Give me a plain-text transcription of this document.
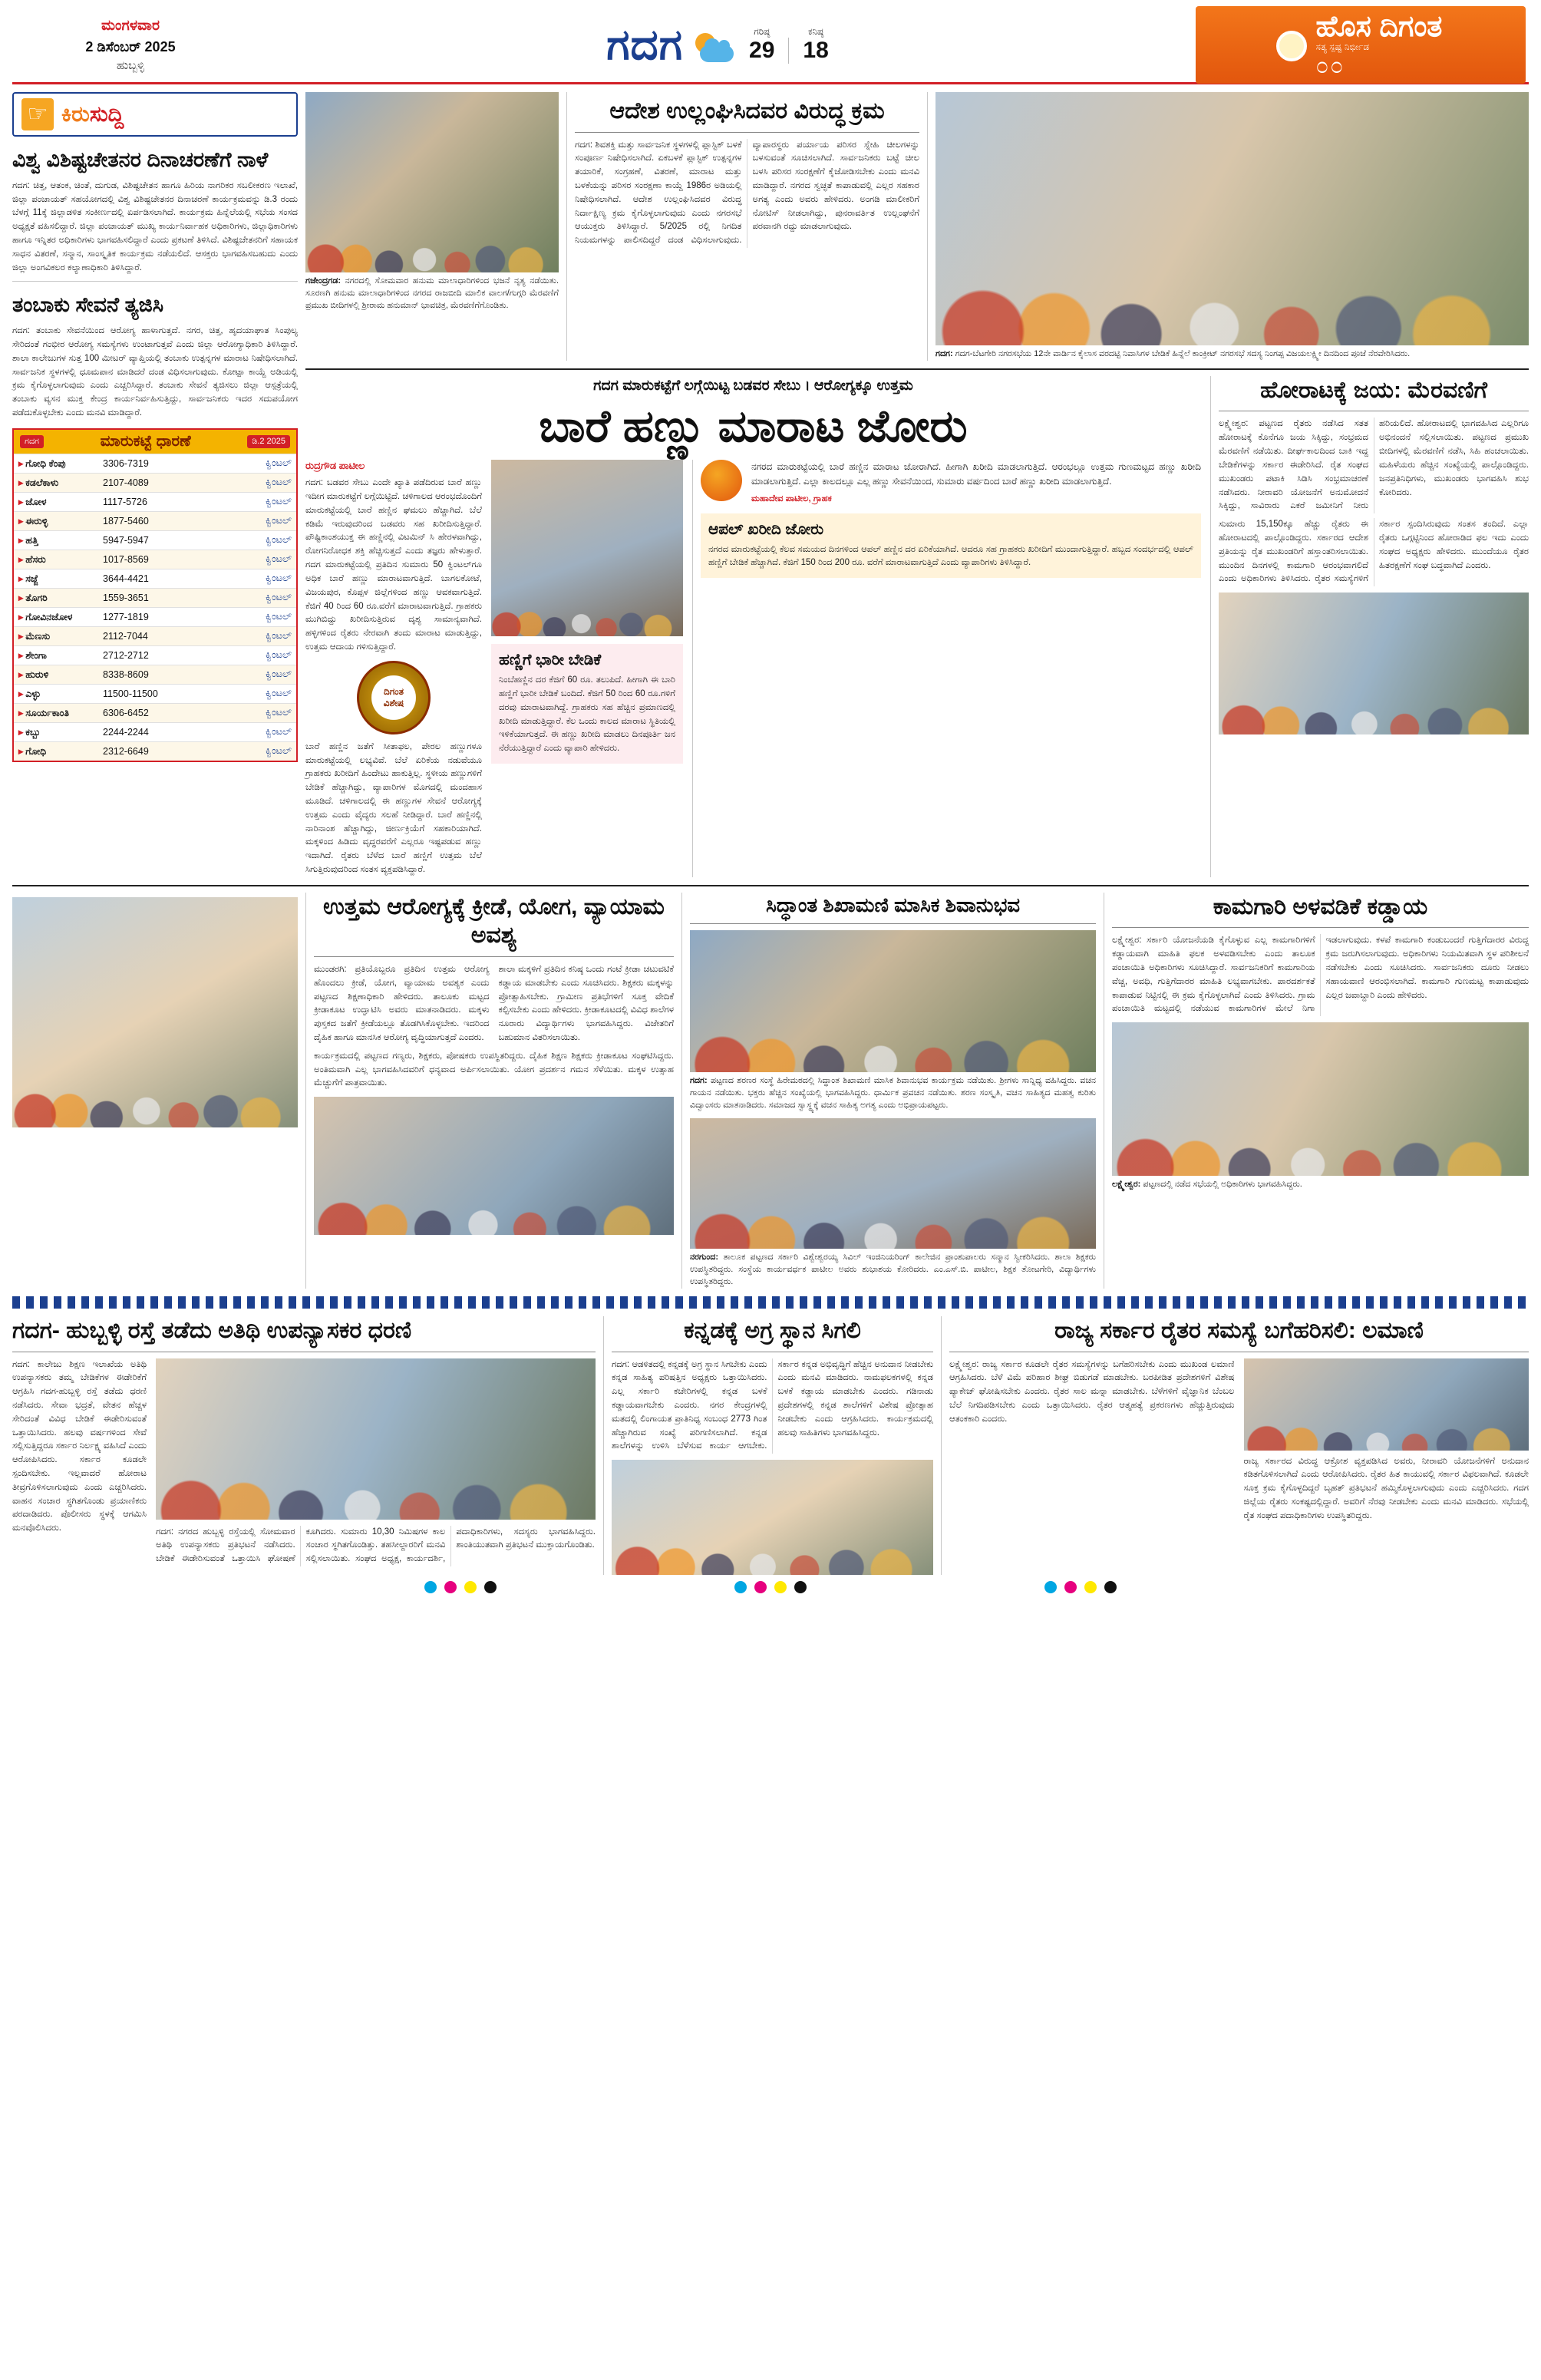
ಮಂಗಳವಾರ
2 ಡಿಸೆಂಬರ್ 2025
ಹುಬ್ಬಳ್ಳಿ	ಗದಗ	ಗರಿಷ್ಠ
29
ಕನಿಷ್ಠ
18
ಹೊಸ ದಿಗಂತ
ಸತ್ಯ ಸ್ಪಷ್ಟ ನಿರ್ಭೀಡ
೦೦
☞
ಕಿರುಸುದ್ದಿ
ವಿಶ್ವ ವಿಶಿಷ್ಟಚೇತನರ ದಿನಾಚರಣೆಗೆ ನಾಳೆ
ಗದಗ: ಚಿತ್ತ, ಆತಂಕ, ಚಿಂತೆ, ದುಗುಡ, ವಿಶಿಷ್ಟಚೇತನ ಹಾಗೂ ಹಿರಿಯ ನಾಗರಿಕರ ಸಬಲೀಕರಣ ಇಲಾಖೆ, ಜಿಲ್ಲಾ ಪಂಚಾಯತ್ ಸಹಯೋಗದಲ್ಲಿ ವಿಶ್ವ ವಿಶಿಷ್ಟಚೇತನರ ದಿನಾಚರಣೆ ಕಾರ್ಯಕ್ರಮವನ್ನು ಡಿ.3 ರಂದು ಬೆಳಗ್ಗೆ 11ಕ್ಕೆ ಜಿಲ್ಲಾಡಳಿತ ಸಂಕೀರ್ಣದಲ್ಲಿ ಏರ್ಪಡಿಸಲಾಗಿದೆ. ಕಾರ್ಯಕ್ರಮ ಹಿನ್ನೆಲೆಯಲ್ಲಿ ಸಭೆಯ ಸಂಸದ ಅಧ್ಯಕ್ಷತೆ ವಹಿಸಲಿದ್ದಾರೆ. ಜಿಲ್ಲಾ ಪಂಚಾಯತ್ ಮುಖ್ಯ ಕಾರ್ಯನಿರ್ವಾಹಕ ಅಧಿಕಾರಿಗಳು, ಜಿಲ್ಲಾಧಿಕಾರಿಗಳು ಹಾಗೂ ಇನ್ನಿತರ ಅಧಿಕಾರಿಗಳು ಭಾಗವಹಿಸಲಿದ್ದಾರೆ ಎಂದು ಪ್ರಕಟಣೆ ತಿಳಿಸಿದೆ. ವಿಶಿಷ್ಟಚೇತನರಿಗೆ ಸಹಾಯಕ ಸಾಧನ ವಿತರಣೆ, ಸನ್ಮಾನ, ಸಾಂಸ್ಕೃತಿಕ ಕಾರ್ಯಕ್ರಮ ನಡೆಯಲಿದೆ. ಆಸಕ್ತರು ಭಾಗವಹಿಸಬಹುದು ಎಂದು ಜಿಲ್ಲಾ ಅಂಗವಿಕಲರ ಕಲ್ಯಾಣಾಧಿಕಾರಿ ತಿಳಿಸಿದ್ದಾರೆ.
ತಂಬಾಕು ಸೇವನೆ ತ್ಯಜಿಸಿ
ಗದಗ: ತಂಬಾಕು ಸೇವನೆಯಿಂದ ಆರೋಗ್ಯ ಹಾಳಾಗುತ್ತದೆ. ನಗರ, ಚಿತ್ತ, ಹೃದಯಾಘಾತ ಸಿಂಪುಲ್ಯ ಸೇರಿದಂತೆ ಗಂಭೀರ ಆರೋಗ್ಯ ಸಮಸ್ಯೆಗಳು ಉಂಟಾಗುತ್ತವೆ ಎಂದು ಜಿಲ್ಲಾ ಆರೋಗ್ಯಾಧಿಕಾರಿ ತಿಳಿಸಿದ್ದಾರೆ. ಶಾಲಾ ಕಾಲೇಜುಗಳ ಸುತ್ತ 100 ಮೀಟರ್ ವ್ಯಾಪ್ತಿಯಲ್ಲಿ ತಂಬಾಕು ಉತ್ಪನ್ನಗಳ ಮಾರಾಟ ನಿಷೇಧಿಸಲಾಗಿದೆ. ಸಾರ್ವಜನಿಕ ಸ್ಥಳಗಳಲ್ಲಿ ಧೂಮಪಾನ ಮಾಡಿದರೆ ದಂಡ ವಿಧಿಸಲಾಗುವುದು. ಕೋಟ್ಪಾ ಕಾಯ್ದೆ ಅಡಿಯಲ್ಲಿ ಕ್ರಮ ಕೈಗೊಳ್ಳಲಾಗುವುದು ಎಂದು ಎಚ್ಚರಿಸಿದ್ದಾರೆ. ತಂಬಾಕು ಸೇವನೆ ತ್ಯಜಿಸಲು ಜಿಲ್ಲಾ ಆಸ್ಪತ್ರೆಯಲ್ಲಿ ತಂಬಾಕು ವ್ಯಸನ ಮುಕ್ತ ಕೇಂದ್ರ ಕಾರ್ಯನಿರ್ವಹಿಸುತ್ತಿದ್ದು, ಸಾರ್ವಜನಿಕರು ಇದರ ಸದುಪಯೋಗ ಪಡೆದುಕೊಳ್ಳಬೇಕು ಎಂದು ಮನವಿ ಮಾಡಿದ್ದಾರೆ.
ಗದಗ	ಮಾರುಕಟ್ಟೆ ಧಾರಣೆ	ಡಿ.2 2025
▸ ಗೋಧಿ ಕೆಂಪು	3306-7319	ಕ್ವಿಂಟಲ್
▸ ಕಡಲೆಕಾಳು	2107-4089	ಕ್ವಿಂಟಲ್
▸ ಜೋಳ	1117-5726	ಕ್ವಿಂಟಲ್
▸ ಈರುಳ್ಳಿ	1877-5460	ಕ್ವಿಂಟಲ್
▸ ಹತ್ತಿ	5947-5947	ಕ್ವಿಂಟಲ್
▸ ಹೆಸರು	1017-8569	ಕ್ವಿಂಟಲ್
▸ ಸಜ್ಜೆ	3644-4421	ಕ್ವಿಂಟಲ್
▸ ತೊಗರಿ	1559-3651	ಕ್ವಿಂಟಲ್
▸ ಗೋವಿನಜೋಳ	1277-1819	ಕ್ವಿಂಟಲ್
▸ ಮೆಣಸು	2112-7044	ಕ್ವಿಂಟಲ್
▸ ಶೇಂಗಾ	2712-2712	ಕ್ವಿಂಟಲ್
▸ ಹುರುಳಿ	8338-8609	ಕ್ವಿಂಟಲ್
▸ ಎಳ್ಳು	11500-11500	ಕ್ವಿಂಟಲ್
▸ ಸೂರ್ಯಕಾಂತಿ	6306-6452	ಕ್ವಿಂಟಲ್
▸ ಕಬ್ಬು	2244-2244	ಕ್ವಿಂಟಲ್
▸ ಗೋಧಿ	2312-6649	ಕ್ವಿಂಟಲ್
ಗಜೇಂದ್ರಗಡ: ನಗರದಲ್ಲಿ ಸೋಮವಾರ ಹನುಮ ಮಾಲಾಧಾರಿಗಳಿಂದ ಭಜನೆ ನೃತ್ಯ ನಡೆಯಿತು. ಸೂರಣಗಿ ಹನುಮ ಮಾಲಾಧಾರಿಗಳಿಂದ ನಗರದ ರಾಜಬೀದಿ ಮಾಲಿಕ ವಾಲಗ/ಗುಗ್ಗರಿ ಮೆರವಣಿಗೆ ಪ್ರಮುಖ ಬೀದಿಗಳಲ್ಲಿ ಶ್ರೀರಾಮ ಹನುಮಾನ್ ಭಾವಚಿತ್ರ, ಮೆರವಣಿಗೆಗೊಂಡಿತು.
ಆದೇಶ ಉಲ್ಲಂಘಿಸಿದವರ ವಿರುದ್ಧ ಕ್ರಮ
ಗದಗ: ಶಿವಶಕ್ತಿ ಮತ್ತು ಸಾರ್ವಜನಿಕ ಸ್ಥಳಗಳಲ್ಲಿ ಪ್ಲಾಸ್ಟಿಕ್ ಬಳಕೆ ಸಂಪೂರ್ಣ ನಿಷೇಧಿಸಲಾಗಿದೆ. ಏಕಬಳಕೆ ಪ್ಲಾಸ್ಟಿಕ್ ಉತ್ಪನ್ನಗಳ ತಯಾರಿಕೆ, ಸಂಗ್ರಹಣೆ, ವಿತರಣೆ, ಮಾರಾಟ ಮತ್ತು ಬಳಕೆಯನ್ನು ಪರಿಸರ ಸಂರಕ್ಷಣಾ ಕಾಯ್ದೆ 1986ರ ಅಡಿಯಲ್ಲಿ ನಿಷೇಧಿಸಲಾಗಿದೆ. ಆದೇಶ ಉಲ್ಲಂಘಿಸಿದವರ ವಿರುದ್ಧ ನಿರ್ದಾಕ್ಷಿಣ್ಯ ಕ್ರಮ ಕೈಗೊಳ್ಳಲಾಗುವುದು ಎಂದು ನಗರಸಭೆ ಆಯುಕ್ತರು ತಿಳಿಸಿದ್ದಾರೆ. 5/2025 ರಲ್ಲಿ ನಿಗದಿತ ನಿಯಮಗಳನ್ನು ಪಾಲಿಸದಿದ್ದರೆ ದಂಡ ವಿಧಿಸಲಾಗುವುದು. ವ್ಯಾಪಾರಸ್ಥರು ಪರ್ಯಾಯ ಪರಿಸರ ಸ್ನೇಹಿ ಚೀಲಗಳನ್ನು ಬಳಸುವಂತೆ ಸೂಚಿಸಲಾಗಿದೆ. ಸಾರ್ವಜನಿಕರು ಬಟ್ಟೆ ಚೀಲ ಬಳಸಿ ಪರಿಸರ ಸಂರಕ್ಷಣೆಗೆ ಕೈಜೋಡಿಸಬೇಕು ಎಂದು ಮನವಿ ಮಾಡಿದ್ದಾರೆ. ನಗರದ ಸ್ವಚ್ಛತೆ ಕಾಪಾಡುವಲ್ಲಿ ಎಲ್ಲರ ಸಹಕಾರ ಅಗತ್ಯ ಎಂದು ಅವರು ಹೇಳಿದರು. ಅಂಗಡಿ ಮಾಲೀಕರಿಗೆ ನೋಟಿಸ್ ನೀಡಲಾಗಿದ್ದು, ಪುನರಾವರ್ತಿತ ಉಲ್ಲಂಘನೆಗೆ ಪರವಾನಗಿ ರದ್ದು ಮಾಡಲಾಗುವುದು.
ಗದಗ: ಗದಗ-ಬೆಟಗೇರಿ ನಗರಸಭೆಯ 12ನೇ ವಾರ್ಡಿನ ಕೈಲಾಸ ವರದಟ್ಟಿ ನಿವಾಸಿಗಳ ಬೇಡಿಕೆ ಹಿನ್ನೆಲೆ ಕಾಂಕ್ರೀಟ್ ನಗರಸಭೆ ಸದಸ್ಯ ನಿಂಗಪ್ಪ ವಿಜಯಲಕ್ಷ್ಮೀ ದಿನದಿಂದ ಪೂಜೆ ನೆರವೇರಿಸಿದರು.
ಗದಗ ಮಾರುಕಟ್ಟೆಗೆ ಲಗ್ಗೆಯಿಟ್ಟ ಬಡವರ ಸೇಬು । ಆರೋಗ್ಯಕ್ಕೂ ಉತ್ತಮ
ಬಾರೆ ಹಣ್ಣು ಮಾರಾಟ ಜೋರು
ರುದ್ರಗೌಡ ಪಾಟೀಲ
ಗದಗ: ಬಡವರ ಸೇಬು ಎಂದೇ ಖ್ಯಾತಿ ಪಡೆದಿರುವ ಬಾರೆ ಹಣ್ಣು ಇದೀಗ ಮಾರುಕಟ್ಟೆಗೆ ಲಗ್ಗೆಯಿಟ್ಟಿದೆ. ಚಳಿಗಾಲದ ಆರಂಭದೊಂದಿಗೆ ಮಾರುಕಟ್ಟೆಯಲ್ಲಿ ಬಾರೆ ಹಣ್ಣಿನ ಘಮಲು ಹೆಚ್ಚಾಗಿದೆ. ಬೆಲೆ ಕಡಿಮೆ ಇರುವುದರಿಂದ ಬಡವರು ಸಹ ಖರೀದಿಸುತ್ತಿದ್ದಾರೆ. ಪೌಷ್ಟಿಕಾಂಶಯುಕ್ತ ಈ ಹಣ್ಣಿನಲ್ಲಿ ವಿಟಮಿನ್ ಸಿ ಹೇರಳವಾಗಿದ್ದು, ರೋಗನಿರೋಧಕ ಶಕ್ತಿ ಹೆಚ್ಚಿಸುತ್ತದೆ ಎಂದು ತಜ್ಞರು ಹೇಳುತ್ತಾರೆ. ಗದಗ ಮಾರುಕಟ್ಟೆಯಲ್ಲಿ ಪ್ರತಿದಿನ ಸುಮಾರು 50 ಕ್ವಿಂಟಲ್‌ಗೂ ಅಧಿಕ ಬಾರೆ ಹಣ್ಣು ಮಾರಾಟವಾಗುತ್ತಿದೆ. ಬಾಗಲಕೋಟೆ, ವಿಜಯಪುರ, ಕೊಪ್ಪಳ ಜಿಲ್ಲೆಗಳಿಂದ ಹಣ್ಣು ಆವಕವಾಗುತ್ತಿದೆ. ಕೆಜಿಗೆ 40 ರಿಂದ 60 ರೂ.ವರೆಗೆ ಮಾರಾಟವಾಗುತ್ತಿದೆ. ಗ್ರಾಹಕರು ಮುಗಿಬಿದ್ದು ಖರೀದಿಸುತ್ತಿರುವ ದೃಶ್ಯ ಸಾಮಾನ್ಯವಾಗಿದೆ. ಹಳ್ಳಿಗಳಿಂದ ರೈತರು ನೇರವಾಗಿ ತಂದು ಮಾರಾಟ ಮಾಡುತ್ತಿದ್ದು, ಉತ್ತಮ ಆದಾಯ ಗಳಿಸುತ್ತಿದ್ದಾರೆ.
ದಿಗಂತ
ವಿಶೇಷ
ಬಾರೆ ಹಣ್ಣಿನ ಜತೆಗೆ ಸೀತಾಫಲ, ಪೇರಲ ಹಣ್ಣುಗಳೂ ಮಾರುಕಟ್ಟೆಯಲ್ಲಿ ಲಭ್ಯವಿವೆ. ಬೆಲೆ ಏರಿಕೆಯ ನಡುವೆಯೂ ಗ್ರಾಹಕರು ಖರೀದಿಗೆ ಹಿಂದೇಟು ಹಾಕುತ್ತಿಲ್ಲ. ಸ್ಥಳೀಯ ಹಣ್ಣುಗಳಿಗೆ ಬೇಡಿಕೆ ಹೆಚ್ಚಾಗಿದ್ದು, ವ್ಯಾಪಾರಿಗಳ ಮೊಗದಲ್ಲಿ ಮಂದಹಾಸ ಮೂಡಿದೆ. ಚಳಿಗಾಲದಲ್ಲಿ ಈ ಹಣ್ಣುಗಳ ಸೇವನೆ ಆರೋಗ್ಯಕ್ಕೆ ಉತ್ತಮ ಎಂದು ವೈದ್ಯರು ಸಲಹೆ ನೀಡಿದ್ದಾರೆ. ಬಾರೆ ಹಣ್ಣಿನಲ್ಲಿ ನಾರಿನಾಂಶ ಹೆಚ್ಚಾಗಿದ್ದು, ಜೀರ್ಣಕ್ರಿಯೆಗೆ ಸಹಕಾರಿಯಾಗಿದೆ. ಮಕ್ಕಳಿಂದ ಹಿಡಿದು ವೃದ್ಧರವರೆಗೆ ಎಲ್ಲರೂ ಇಷ್ಟಪಡುವ ಹಣ್ಣು ಇದಾಗಿದೆ. ರೈತರು ಬೆಳೆದ ಬಾರೆ ಹಣ್ಣಿಗೆ ಉತ್ತಮ ಬೆಲೆ ಸಿಗುತ್ತಿರುವುದರಿಂದ ಸಂತಸ ವ್ಯಕ್ತಪಡಿಸಿದ್ದಾರೆ.
ಹಣ್ಣಿಗೆ ಭಾರೀ ಬೇಡಿಕೆ
ನಿಂಬೆಹಣ್ಣಿನ ದರ ಕೆಜಿಗೆ 60 ರೂ. ತಲುಪಿದೆ. ಹೀಗಾಗಿ ಈ ಬಾರಿ ಹಣ್ಣಿಗೆ ಭಾರೀ ಬೇಡಿಕೆ ಬಂದಿದೆ. ಕೆಜಿಗೆ 50 ರಿಂದ 60 ರೂ.ಗಳಿಗೆ ದರವು ಮಾರಾಟವಾಗಿದ್ದೆ. ಗ್ರಾಹಕರು ಸಹ ಹೆಚ್ಚಿನ ಪ್ರಮಾಣದಲ್ಲಿ ಖರೀದಿ ಮಾಡುತ್ತಿದ್ದಾರೆ. ಕೆಲ ಒಂದು ಕಾಲದ ಮಾರಾಟ ಸ್ಥಿತಿಯಲ್ಲಿ ಇಳಿಕೆಯಾಗುತ್ತದೆ. ಈ ಹಣ್ಣು ಖರೀದಿ ಮಾಡಲು ದಿನಪೂರ್ತಿ ಜನ ನೆರೆಯುತ್ತಿದ್ದಾರೆ ಎಂದು ವ್ಯಾಪಾರಿ ಹೇಳಿದರು.
ನಗರದ ಮಾರುಕಟ್ಟೆಯಲ್ಲಿ ಬಾರೆ ಹಣ್ಣಿನ ಮಾರಾಟ ಜೋರಾಗಿದೆ. ಹೀಗಾಗಿ ಖರೀದಿ ಮಾಡಲಾಗುತ್ತಿದೆ. ಆರಂಭಲ್ಲೂ ಉತ್ತಮ ಗುಣಮಟ್ಟದ ಹಣ್ಣು ಖರೀದಿ ಮಾಡಲಾಗುತ್ತಿದೆ. ಎಲ್ಲಾ ಕಾಲದಲ್ಲೂ ಎಲ್ಲ ಹಣ್ಣು ಸೇವನೆಯಿಂದ, ಸುಮಾರು ವರ್ಷದಿಂದ ಬಾರೆ ಹಣ್ಣು ಖರೀದಿ ಮಾಡಲಾಗುತ್ತಿದೆ.
ಮಹಾದೇವ ಪಾಟೀಲ, ಗ್ರಾಹಕ
ಆಪಲ್ ಖರೀದಿ ಜೋರು
ನಗರದ ಮಾರುಕಟ್ಟೆಯಲ್ಲಿ ಕೆಲವ ಸಮಯದ ದಿನಗಳಿಂದ ಆಪಲ್ ಹಣ್ಣಿನ ದರ ಏರಿಕೆಯಾಗಿದೆ. ಆದರೂ ಸಹ ಗ್ರಾಹಕರು ಖರೀದಿಗೆ ಮುಂದಾಗುತ್ತಿದ್ದಾರೆ. ಹಬ್ಬದ ಸಂದರ್ಭದಲ್ಲಿ ಆಪಲ್ ಹಣ್ಣಿಗೆ ಬೇಡಿಕೆ ಹೆಚ್ಚಾಗಿದೆ. ಕೆಜಿಗೆ 150 ರಿಂದ 200 ರೂ. ವರೆಗೆ ಮಾರಾಟವಾಗುತ್ತಿದೆ ಎಂದು ವ್ಯಾಪಾರಿಗಳು ತಿಳಿಸಿದ್ದಾರೆ.
ಹೋರಾಟಕ್ಕೆ ಜಯ: ಮೆರವಣಿಗೆ
ಲಕ್ಷ್ಮೇಶ್ವರ: ಪಟ್ಟಣದ ರೈತರು ನಡೆಸಿದ ಸತತ ಹೋರಾಟಕ್ಕೆ ಕೊನೆಗೂ ಜಯ ಸಿಕ್ಕಿದ್ದು, ಸಂಭ್ರಮದ ಮೆರವಣಿಗೆ ನಡೆಯಿತು. ದೀರ್ಘಕಾಲದಿಂದ ಬಾಕಿ ಇದ್ದ ಬೇಡಿಕೆಗಳನ್ನು ಸರ್ಕಾರ ಈಡೇರಿಸಿದೆ. ರೈತ ಸಂಘದ ಮುಖಂಡರು ಪಟಾಕಿ ಸಿಡಿಸಿ ಸಂಭ್ರಮಾಚರಣೆ ನಡೆಸಿದರು. ನೀರಾವರಿ ಯೋಜನೆಗೆ ಅನುಮೋದನೆ ಸಿಕ್ಕಿದ್ದು, ಸಾವಿರಾರು ಎಕರೆ ಜಮೀನಿಗೆ ನೀರು ಹರಿಯಲಿದೆ. ಹೋರಾಟದಲ್ಲಿ ಭಾಗವಹಿಸಿದ ಎಲ್ಲರಿಗೂ ಅಭಿನಂದನೆ ಸಲ್ಲಿಸಲಾಯಿತು. ಪಟ್ಟಣದ ಪ್ರಮುಖ ಬೀದಿಗಳಲ್ಲಿ ಮೆರವಣಿಗೆ ನಡೆಸಿ, ಸಿಹಿ ಹಂಚಲಾಯಿತು. ಮಹಿಳೆಯರು ಹೆಚ್ಚಿನ ಸಂಖ್ಯೆಯಲ್ಲಿ ಪಾಲ್ಗೊಂಡಿದ್ದರು. ಜನಪ್ರತಿನಿಧಿಗಳು, ಮುಖಂಡರು ಭಾಗವಹಿಸಿ ಶುಭ ಕೋರಿದರು.
ಸುಮಾರು 15,150ಕ್ಕೂ ಹೆಚ್ಚು ರೈತರು ಈ ಹೋರಾಟದಲ್ಲಿ ಪಾಲ್ಗೊಂಡಿದ್ದರು. ಸರ್ಕಾರದ ಆದೇಶ ಪ್ರತಿಯನ್ನು ರೈತ ಮುಖಂಡರಿಗೆ ಹಸ್ತಾಂತರಿಸಲಾಯಿತು. ಮುಂದಿನ ದಿನಗಳಲ್ಲಿ ಕಾಮಗಾರಿ ಆರಂಭವಾಗಲಿದೆ ಎಂದು ಅಧಿಕಾರಿಗಳು ತಿಳಿಸಿದರು. ರೈತರ ಸಮಸ್ಯೆಗಳಿಗೆ ಸರ್ಕಾರ ಸ್ಪಂದಿಸಿರುವುದು ಸಂತಸ ತಂದಿದೆ. ಎಲ್ಲಾ ರೈತರು ಒಗ್ಗಟ್ಟಿನಿಂದ ಹೋರಾಡಿದ ಫಲ ಇದು ಎಂದು ಸಂಘದ ಅಧ್ಯಕ್ಷರು ಹೇಳಿದರು. ಮುಂದೆಯೂ ರೈತರ ಹಿತರಕ್ಷಣೆಗೆ ಸಂಘ ಬದ್ಧವಾಗಿದೆ ಎಂದರು.
ಉತ್ತಮ ಆರೋಗ್ಯಕ್ಕೆ ಕ್ರೀಡೆ, ಯೋಗ, ವ್ಯಾಯಾಮ ಅವಶ್ಯ
ಮುಂಡರಗಿ: ಪ್ರತಿಯೊಬ್ಬರೂ ಪ್ರತಿದಿನ ಉತ್ತಮ ಆರೋಗ್ಯ ಹೊಂದಲು ಕ್ರೀಡೆ, ಯೋಗ, ವ್ಯಾಯಾಮ ಅವಶ್ಯಕ ಎಂದು ಪಟ್ಟಣದ ಶಿಕ್ಷಣಾಧಿಕಾರಿ ಹೇಳಿದರು. ತಾಲೂಕು ಮಟ್ಟದ ಕ್ರೀಡಾಕೂಟ ಉದ್ಘಾಟಿಸಿ ಅವರು ಮಾತನಾಡಿದರು. ಮಕ್ಕಳು ಪುಸ್ತಕದ ಜತೆಗೆ ಕ್ರೀಡೆಯಲ್ಲೂ ತೊಡಗಿಸಿಕೊಳ್ಳಬೇಕು. ಇದರಿಂದ ದೈಹಿಕ ಹಾಗೂ ಮಾನಸಿಕ ಆರೋಗ್ಯ ವೃದ್ಧಿಯಾಗುತ್ತದೆ ಎಂದರು.
ಶಾಲಾ ಮಕ್ಕಳಿಗೆ ಪ್ರತಿದಿನ ಕನಿಷ್ಠ ಒಂದು ಗಂಟೆ ಕ್ರೀಡಾ ಚಟುವಟಿಕೆ ಕಡ್ಡಾಯ ಮಾಡಬೇಕು ಎಂದು ಸೂಚಿಸಿದರು. ಶಿಕ್ಷಕರು ಮಕ್ಕಳನ್ನು ಪ್ರೋತ್ಸಾಹಿಸಬೇಕು. ಗ್ರಾಮೀಣ ಪ್ರತಿಭೆಗಳಿಗೆ ಸೂಕ್ತ ವೇದಿಕೆ ಕಲ್ಪಿಸಬೇಕು ಎಂದು ಹೇಳಿದರು. ಕ್ರೀಡಾಕೂಟದಲ್ಲಿ ವಿವಿಧ ಶಾಲೆಗಳ ನೂರಾರು ವಿದ್ಯಾರ್ಥಿಗಳು ಭಾಗವಹಿಸಿದ್ದರು. ವಿಜೇತರಿಗೆ ಬಹುಮಾನ ವಿತರಿಸಲಾಯಿತು.
ಕಾರ್ಯಕ್ರಮದಲ್ಲಿ ಪಟ್ಟಣದ ಗಣ್ಯರು, ಶಿಕ್ಷಕರು, ಪೋಷಕರು ಉಪಸ್ಥಿತರಿದ್ದರು. ದೈಹಿಕ ಶಿಕ್ಷಣ ಶಿಕ್ಷಕರು ಕ್ರೀಡಾಕೂಟ ಸಂಘಟಿಸಿದ್ದರು. ಅಂತಿಮವಾಗಿ ಎಲ್ಲ ಭಾಗವಹಿಸಿದವರಿಗೆ ಧನ್ಯವಾದ ಅರ್ಪಿಸಲಾಯಿತು. ಯೋಗ ಪ್ರದರ್ಶನ ಗಮನ ಸೆಳೆಯಿತು. ಮಕ್ಕಳ ಉತ್ಸಾಹ ಮೆಚ್ಚುಗೆಗೆ ಪಾತ್ರವಾಯಿತು.
ಸಿದ್ಧಾಂತ ಶಿಖಾಮಣಿ ಮಾಸಿಕ ಶಿವಾನುಭವ
ಗದಗ: ಪಟ್ಟಣದ ಶರಣರ ಸಂಸ್ಥೆ ಹಿರೇಮಠದಲ್ಲಿ ಸಿದ್ಧಾಂತ ಶಿಖಾಮಣಿ ಮಾಸಿಕ ಶಿವಾನುಭವ ಕಾರ್ಯಕ್ರಮ ನಡೆಯಿತು. ಶ್ರೀಗಳು ಸಾನ್ನಿಧ್ಯ ವಹಿಸಿದ್ದರು. ವಚನ ಗಾಯನ ನಡೆಯಿತು. ಭಕ್ತರು ಹೆಚ್ಚಿನ ಸಂಖ್ಯೆಯಲ್ಲಿ ಭಾಗವಹಿಸಿದ್ದರು. ಧಾರ್ಮಿಕ ಪ್ರವಚನ ನಡೆಯಿತು. ಶರಣ ಸಂಸ್ಕೃತಿ, ವಚನ ಸಾಹಿತ್ಯದ ಮಹತ್ವ ಕುರಿತು ವಿದ್ವಾಂಸರು ಮಾತನಾಡಿದರು. ಸಮಾಜದ ಸ್ವಾಸ್ಥ್ಯಕ್ಕೆ ವಚನ ಸಾಹಿತ್ಯ ಅಗತ್ಯ ಎಂದು ಅಭಿಪ್ರಾಯಪಟ್ಟರು.
ನರಗುಂದ: ತಾಲೂಕ ಪಟ್ಟಣದ ಸರ್ಕಾರಿ ವಿಶ್ವೇಶ್ವರಯ್ಯ ಸಿವಿಲ್ ಇಂಜಿನಿಯರಿಂಗ್ ಕಾಲೇಜಿನ ಪ್ರಾಂಶುಪಾಲರು ಸನ್ಮಾನ ಸ್ವೀಕರಿಸಿದರು. ಶಾಲಾ ಶಿಕ್ಷಕರು ಉಪಸ್ಥಿತರಿದ್ದರು. ಸಂಸ್ಥೆಯ ಕಾರ್ಯವರ್ಧಕ ಪಾಟೀಲ ಅವರು ಶುಭಾಶಯ ಕೋರಿದರು. ಎಂ.ಎಸ್.ಬಿ. ಪಾಟೀಲ, ಶಿಕ್ಷಕ ತೋಟಗೇರಿ, ವಿದ್ಯಾರ್ಥಿಗಳು ಉಪಸ್ಥಿತರಿದ್ದರು.
ಕಾಮಗಾರಿ ಅಳವಡಿಕೆ ಕಡ್ಡಾಯ
ಲಕ್ಷ್ಮೇಶ್ವರ: ಸರ್ಕಾರಿ ಯೋಜನೆಯಡಿ ಕೈಗೊಳ್ಳುವ ಎಲ್ಲ ಕಾಮಗಾರಿಗಳಿಗೆ ಕಡ್ಡಾಯವಾಗಿ ಮಾಹಿತಿ ಫಲಕ ಅಳವಡಿಸಬೇಕು ಎಂದು ತಾಲೂಕ ಪಂಚಾಯಿತಿ ಅಧಿಕಾರಿಗಳು ಸೂಚಿಸಿದ್ದಾರೆ. ಸಾರ್ವಜನಿಕರಿಗೆ ಕಾಮಗಾರಿಯ ವೆಚ್ಚ, ಅವಧಿ, ಗುತ್ತಿಗೆದಾರರ ಮಾಹಿತಿ ಲಭ್ಯವಾಗಬೇಕು. ಪಾರದರ್ಶಕತೆ ಕಾಪಾಡುವ ನಿಟ್ಟಿನಲ್ಲಿ ಈ ಕ್ರಮ ಕೈಗೊಳ್ಳಲಾಗಿದೆ ಎಂದು ತಿಳಿಸಿದರು. ಗ್ರಾಮ ಪಂಚಾಯಿತಿ ಮಟ್ಟದಲ್ಲಿ ನಡೆಯುವ ಕಾಮಗಾರಿಗಳ ಮೇಲೆ ನಿಗಾ ಇಡಲಾಗುವುದು. ಕಳಪೆ ಕಾಮಗಾರಿ ಕಂಡುಬಂದರೆ ಗುತ್ತಿಗೆದಾರರ ವಿರುದ್ಧ ಕ್ರಮ ಜರುಗಿಸಲಾಗುವುದು. ಅಧಿಕಾರಿಗಳು ನಿಯಮಿತವಾಗಿ ಸ್ಥಳ ಪರಿಶೀಲನೆ ನಡೆಸಬೇಕು ಎಂದು ಸೂಚಿಸಿದರು. ಸಾರ್ವಜನಿಕರು ದೂರು ನೀಡಲು ಸಹಾಯವಾಣಿ ಆರಂಭಿಸಲಾಗಿದೆ. ಕಾಮಗಾರಿ ಗುಣಮಟ್ಟ ಕಾಪಾಡುವುದು ಎಲ್ಲರ ಜವಾಬ್ದಾರಿ ಎಂದು ಹೇಳಿದರು.
ಲಕ್ಷ್ಮೇಶ್ವರ: ಪಟ್ಟಣದಲ್ಲಿ ನಡೆದ ಸಭೆಯಲ್ಲಿ ಅಧಿಕಾರಿಗಳು ಭಾಗವಹಿಸಿದ್ದರು.
ಗದಗ- ಹುಬ್ಬಳ್ಳಿ ರಸ್ತೆ ತಡೆದು ಅತಿಥಿ ಉಪನ್ಯಾಸಕರ ಧರಣಿ
ಗದಗ: ಕಾಲೇಜು ಶಿಕ್ಷಣ ಇಲಾಖೆಯ ಅತಿಥಿ ಉಪನ್ಯಾಸಕರು ತಮ್ಮ ಬೇಡಿಕೆಗಳ ಈಡೇರಿಕೆಗೆ ಆಗ್ರಹಿಸಿ ಗದಗ-ಹುಬ್ಬಳ್ಳಿ ರಸ್ತೆ ತಡೆದು ಧರಣಿ ನಡೆಸಿದರು. ಸೇವಾ ಭದ್ರತೆ, ವೇತನ ಹೆಚ್ಚಳ ಸೇರಿದಂತೆ ವಿವಿಧ ಬೇಡಿಕೆ ಈಡೇರಿಸುವಂತೆ ಒತ್ತಾಯಿಸಿದರು. ಹಲವು ವರ್ಷಗಳಿಂದ ಸೇವೆ ಸಲ್ಲಿಸುತ್ತಿದ್ದರೂ ಸರ್ಕಾರ ನಿರ್ಲಕ್ಷ್ಯ ವಹಿಸಿದೆ ಎಂದು ಆರೋಪಿಸಿದರು. ಸರ್ಕಾರ ಕೂಡಲೇ ಸ್ಪಂದಿಸಬೇಕು. ಇಲ್ಲವಾದರೆ ಹೋರಾಟ ತೀವ್ರಗೊಳಿಸಲಾಗುವುದು ಎಂದು ಎಚ್ಚರಿಸಿದರು. ವಾಹನ ಸಂಚಾರ ಸ್ಥಗಿತಗೊಂಡು ಪ್ರಯಾಣಿಕರು ಪರದಾಡಿದರು. ಪೊಲೀಸರು ಸ್ಥಳಕ್ಕೆ ಆಗಮಿಸಿ ಮನವೊಲಿಸಿದರು.	ಗದಗ: ನಗರದ ಹುಬ್ಬಳ್ಳಿ ರಸ್ತೆಯಲ್ಲಿ ಸೋಮವಾರ ಅತಿಥಿ ಉಪನ್ಯಾಸಕರು ಪ್ರತಿಭಟನೆ ನಡೆಸಿದರು. ಬೇಡಿಕೆ ಈಡೇರಿಸುವಂತೆ ಒತ್ತಾಯಿಸಿ ಘೋಷಣೆ ಕೂಗಿದರು. ಸುಮಾರು 10,30 ನಿಮಿಷಗಳ ಕಾಲ ಸಂಚಾರ ಸ್ಥಗಿತಗೊಂಡಿತ್ತು. ತಹಸೀಲ್ದಾರರಿಗೆ ಮನವಿ ಸಲ್ಲಿಸಲಾಯಿತು. ಸಂಘದ ಅಧ್ಯಕ್ಷ, ಕಾರ್ಯದರ್ಶಿ, ಪದಾಧಿಕಾರಿಗಳು, ಸದಸ್ಯರು ಭಾಗವಹಿಸಿದ್ದರು. ಶಾಂತಿಯುತವಾಗಿ ಪ್ರತಿಭಟನೆ ಮುಕ್ತಾಯಗೊಂಡಿತು.
ಕನ್ನಡಕ್ಕೆ ಅಗ್ರ ಸ್ಥಾನ ಸಿಗಲಿ
ಗದಗ: ಆಡಳಿತದಲ್ಲಿ ಕನ್ನಡಕ್ಕೆ ಅಗ್ರ ಸ್ಥಾನ ಸಿಗಬೇಕು ಎಂದು ಕನ್ನಡ ಸಾಹಿತ್ಯ ಪರಿಷತ್ತಿನ ಅಧ್ಯಕ್ಷರು ಒತ್ತಾಯಿಸಿದರು. ಎಲ್ಲ ಸರ್ಕಾರಿ ಕಚೇರಿಗಳಲ್ಲಿ ಕನ್ನಡ ಬಳಕೆ ಕಡ್ಡಾಯವಾಗಬೇಕು ಎಂದರು. ನಗರ ಕೇಂದ್ರಗಳಲ್ಲಿ ಮತದಲ್ಲಿ ಲಿಂಗಾಯತ ಪ್ರಾತಿನಿಧ್ಯ ಸಂಬಂಧ 2773 ಗಿಂತ ಹೆಚ್ಚಾಗಿರುವ ಸಂಖ್ಯೆ ಪರಿಗಣಿಸಲಾಗಿದೆ. ಕನ್ನಡ ಶಾಲೆಗಳನ್ನು ಉಳಿಸಿ ಬೆಳೆಸುವ ಕಾರ್ಯ ಆಗಬೇಕು. ಸರ್ಕಾರ ಕನ್ನಡ ಅಭಿವೃದ್ಧಿಗೆ ಹೆಚ್ಚಿನ ಅನುದಾನ ನೀಡಬೇಕು ಎಂದು ಮನವಿ ಮಾಡಿದರು. ನಾಮಫಲಕಗಳಲ್ಲಿ ಕನ್ನಡ ಬಳಕೆ ಕಡ್ಡಾಯ ಮಾಡಬೇಕು ಎಂದರು. ಗಡಿನಾಡು ಪ್ರದೇಶಗಳಲ್ಲಿ ಕನ್ನಡ ಶಾಲೆಗಳಿಗೆ ವಿಶೇಷ ಪ್ರೋತ್ಸಾಹ ನೀಡಬೇಕು ಎಂದು ಆಗ್ರಹಿಸಿದರು. ಕಾರ್ಯಕ್ರಮದಲ್ಲಿ ಹಲವು ಸಾಹಿತಿಗಳು ಭಾಗವಹಿಸಿದ್ದರು.
ರಾಜ್ಯ ಸರ್ಕಾರ ರೈತರ ಸಮಸ್ಯೆ ಬಗೆಹರಿಸಲಿ: ಲಮಾಣಿ
ಲಕ್ಷ್ಮೇಶ್ವರ: ರಾಜ್ಯ ಸರ್ಕಾರ ಕೂಡಲೇ ರೈತರ ಸಮಸ್ಯೆಗಳನ್ನು ಬಗೆಹರಿಸಬೇಕು ಎಂದು ಮುಖಂಡ ಲಮಾಣಿ ಆಗ್ರಹಿಸಿದರು. ಬೆಳೆ ವಿಮೆ ಪರಿಹಾರ ಶೀಘ್ರ ಬಿಡುಗಡೆ ಮಾಡಬೇಕು. ಬರಪೀಡಿತ ಪ್ರದೇಶಗಳಿಗೆ ವಿಶೇಷ ಪ್ಯಾಕೇಜ್ ಘೋಷಿಸಬೇಕು ಎಂದರು. ರೈತರ ಸಾಲ ಮನ್ನಾ ಮಾಡಬೇಕು. ಬೆಳೆಗಳಿಗೆ ವೈಜ್ಞಾನಿಕ ಬೆಂಬಲ ಬೆಲೆ ನಿಗದಿಪಡಿಸಬೇಕು ಎಂದು ಒತ್ತಾಯಿಸಿದರು. ರೈತರ ಆತ್ಮಹತ್ಯೆ ಪ್ರಕರಣಗಳು ಹೆಚ್ಚುತ್ತಿರುವುದು ಆತಂಕಕಾರಿ ಎಂದರು.
ರಾಜ್ಯ ಸರ್ಕಾರದ ವಿರುದ್ಧ ಆಕ್ರೋಶ ವ್ಯಕ್ತಪಡಿಸಿದ ಅವರು, ನೀರಾವರಿ ಯೋಜನೆಗಳಿಗೆ ಅನುದಾನ ಕಡಿತಗೊಳಿಸಲಾಗಿದೆ ಎಂದು ಆರೋಪಿಸಿದರು. ರೈತರ ಹಿತ ಕಾಯುವಲ್ಲಿ ಸರ್ಕಾರ ವಿಫಲವಾಗಿದೆ. ಕೂಡಲೇ ಸೂಕ್ತ ಕ್ರಮ ಕೈಗೊಳ್ಳದಿದ್ದರೆ ಬೃಹತ್ ಪ್ರತಿಭಟನೆ ಹಮ್ಮಿಕೊಳ್ಳಲಾಗುವುದು ಎಂದು ಎಚ್ಚರಿಸಿದರು. ಗದಗ ಜಿಲ್ಲೆಯ ರೈತರು ಸಂಕಷ್ಟದಲ್ಲಿದ್ದಾರೆ. ಅವರಿಗೆ ನೆರವು ನೀಡಬೇಕು ಎಂದು ಮನವಿ ಮಾಡಿದರು. ಸಭೆಯಲ್ಲಿ ರೈತ ಸಂಘದ ಪದಾಧಿಕಾರಿಗಳು ಉಪಸ್ಥಿತರಿದ್ದರು.
